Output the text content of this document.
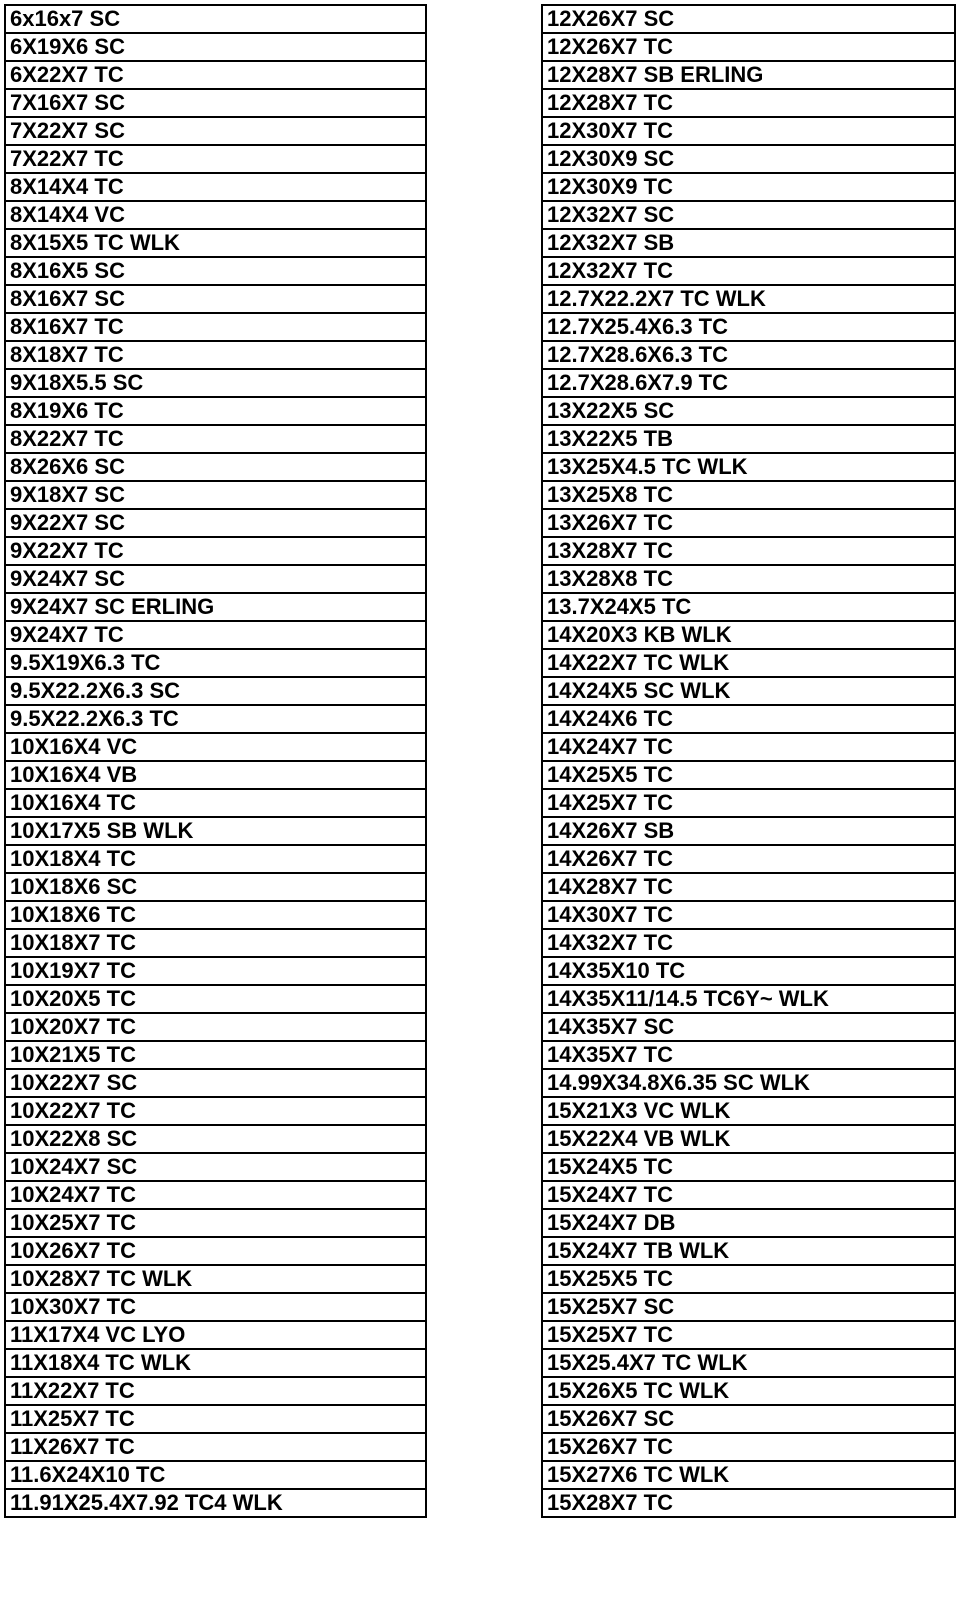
6x16x7 SC
6X19X6 SC
6X22X7 TC
7X16X7 SC
7X22X7 SC
7X22X7 TC
8X14X4 TC
8X14X4 VC
8X15X5 TC WLK
8X16X5 SC
8X16X7 SC
8X16X7 TC
8X18X7 TC
9X18X5.5 SC
8X19X6 TC
8X22X7 TC
8X26X6 SC
9X18X7 SC
9X22X7 SC
9X22X7 TC
9X24X7 SC
9X24X7 SC ERLING
9X24X7 TC
9.5X19X6.3 TC
9.5X22.2X6.3 SC
9.5X22.2X6.3 TC
10X16X4 VC
10X16X4 VB
10X16X4 TC
10X17X5 SB WLK
10X18X4 TC
10X18X6 SC
10X18X6 TC
10X18X7 TC
10X19X7 TC
10X20X5 TC
10X20X7 TC
10X21X5 TC
10X22X7 SC
10X22X7 TC
10X22X8 SC
10X24X7 SC
10X24X7 TC
10X25X7 TC
10X26X7 TC
10X28X7 TC WLK
10X30X7 TC
11X17X4 VC LYO
11X18X4 TC WLK
11X22X7 TC
11X25X7 TC
11X26X7 TC
11.6X24X10 TC
11.91X25.4X7.92 TC4 WLK
12X26X7 SC
12X26X7 TC
12X28X7 SB ERLING
12X28X7 TC
12X30X7 TC
12X30X9 SC
12X30X9 TC
12X32X7 SC
12X32X7 SB
12X32X7 TC
12.7X22.2X7 TC WLK
12.7X25.4X6.3 TC
12.7X28.6X6.3 TC
12.7X28.6X7.9 TC
13X22X5 SC
13X22X5 TB
13X25X4.5 TC WLK
13X25X8 TC
13X26X7 TC
13X28X7 TC
13X28X8 TC
13.7X24X5 TC
14X20X3 KB WLK
14X22X7 TC WLK
14X24X5 SC WLK
14X24X6 TC
14X24X7 TC
14X25X5 TC
14X25X7 TC
14X26X7 SB
14X26X7 TC
14X28X7 TC
14X30X7 TC
14X32X7 TC
14X35X10 TC
14X35X11/14.5 TC6Y~ WLK
14X35X7 SC
14X35X7 TC
14.99X34.8X6.35 SC WLK
15X21X3 VC WLK
15X22X4 VB WLK
15X24X5 TC
15X24X7 TC
15X24X7 DB
15X24X7 TB WLK
15X25X5 TC
15X25X7 SC
15X25X7 TC
15X25.4X7 TC WLK
15X26X5 TC WLK
15X26X7 SC
15X26X7 TC
15X27X6 TC WLK
15X28X7 TC
